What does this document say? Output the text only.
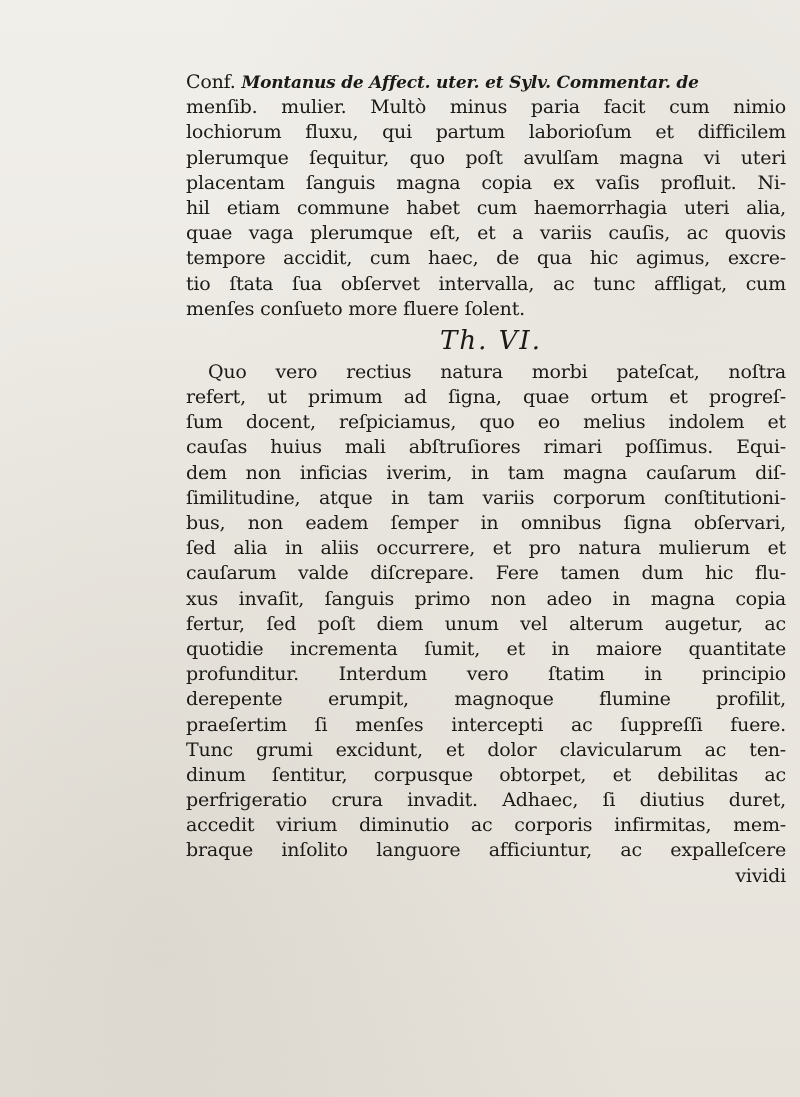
Conf. Montanus de Affect. uter. et Sylv. Commentar. de
menſib. mulier. Multò minus paria facit cum nimio
lochiorum fluxu, qui partum laborioſum et difficilem
plerumque ſequitur, quo poſt avulſam magna vi uteri
placentam ſanguis magna copia ex vaſis profluit. Ni-
hil etiam commune habet cum haemorrhagia uteri alia,
quae vaga plerumque eſt, et a variis cauſis, ac quovis
tempore accidit, cum haec, de qua hic agimus, excre-
tio ſtata ſua obſervet intervalla, ac tunc affligat, cum
menſes conſueto more fluere ſolent.
Th. VI.
Quo vero rectius natura morbi pateſcat, noſtra
refert, ut primum ad ſigna, quae ortum et progreſ-
ſum docent, reſpiciamus, quo eo melius indolem et
cauſas huius mali abſtruſiores rimari poſſimus. Equi-
dem non inficias iverim, in tam magna cauſarum diſ-
ſimilitudine, atque in tam variis corporum conſtitutioni-
bus, non eadem ſemper in omnibus ſigna obſervari,
ſed alia in aliis occurrere, et pro natura mulierum et
cauſarum valde diſcrepare. Fere tamen dum hic flu-
xus invaſit, ſanguis primo non adeo in magna copia
fertur, ſed poſt diem unum vel alterum augetur, ac
quotidie incrementa ſumit, et in maiore quantitate
profunditur. Interdum vero ſtatim in principio
derepente erumpit, magnoque flumine profilit,
praeſertim ſi menſes intercepti ac ſuppreſſi fuere.
Tunc grumi excidunt, et dolor clavicularum ac ten-
dinum ſentitur, corpusque obtorpet, et debilitas ac
perfrigeratio crura invadit. Adhaec, ſi diutius duret,
accedit virium diminutio ac corporis infirmitas, mem-
braque inſolito languore afficiuntur, ac expalleſcere
vividi
